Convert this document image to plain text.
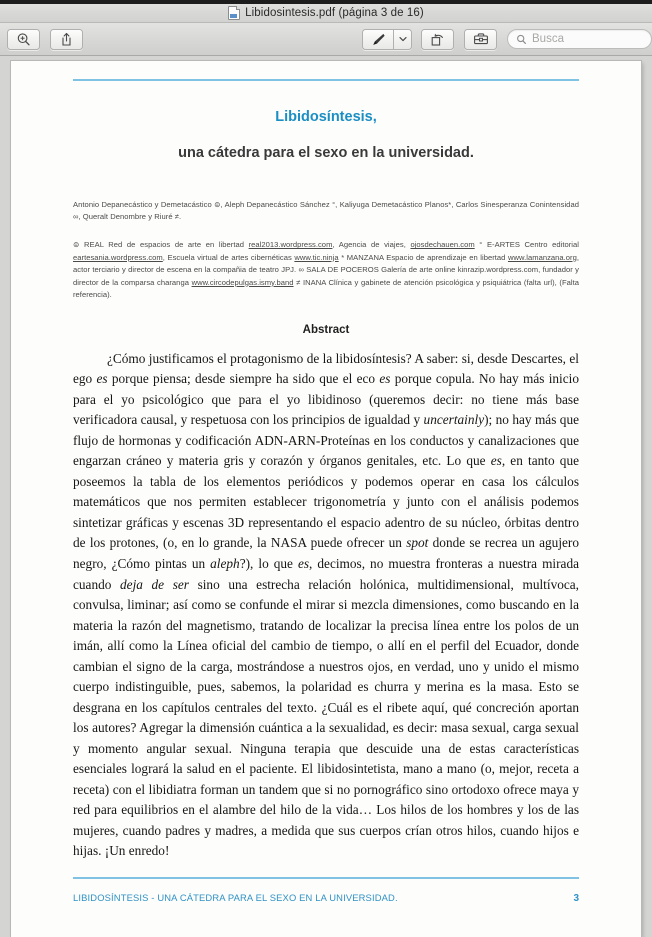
Libidosintesis.pdf (página 3 de 16)
Busca
Libidosíntesis,
una cátedra para el sexo en la universidad.

Antonio Depanecástico y Demetacástico ⊜, Aleph Depanecástico Sánchez °, Kaliyuga Demetacástico Planos*, Carlos Sinesperanza Conintensidad ∞, Queralt Denombre y Riuré ≠.

⊜ REAL Red de espacios de arte en libertad real2013.wordpress.com, Agencia de viajes, ojosdechauen.com ° E-ARTES Centro editorial eartesania.wordpress.com, Escuela virtual de artes cibernéticas www.tic.ninja * MANZANA Espacio de aprendizaje en libertad www.lamanzana.org, actor terciario y director de escena en la compañia de teatro JPJ. ∞ SALA DE POCEROS Galería de arte online kinrazip.wordpress.com, fundador y director de la comparsa charanga www.circodepulgas.ismy.band ≠ INANA Clínica y gabinete de atención psicológica y psiquiátrica (falta url), (Falta referencia).

Abstract

¿Cómo justificamos el protagonismo de la libidosíntesis? A saber: si, desde Descartes, el ego es porque piensa; desde siempre ha sido que el eco es porque copula. No hay más inicio para el yo psicológico que para el yo libidinoso (queremos decir: no tiene más base verificadora causal, y respetuosa con los principios de igualdad y uncertainly); no hay más que flujo de hormonas y codificación ADN-ARN-Proteínas en los conductos y canalizaciones que engarzan cráneo y materia gris y corazón y órganos genitales, etc. Lo que es, en tanto que poseemos la tabla de los elementos periódicos y podemos operar en casa los cálculos matemáticos que nos permiten establecer trigonometría y junto con el análisis podemos sintetizar gráficas y escenas 3D representando el espacio adentro de su núcleo, órbitas dentro de los protones, (o, en lo grande, la NASA puede ofrecer un spot donde se recrea un agujero negro, ¿Cómo pintas un aleph?), lo que es, decimos, no muestra fronteras a nuestra mirada cuando deja de ser sino una estrecha relación holónica, multidimensional, multívoca, convulsa, liminar; así como se confunde el mirar si mezcla dimensiones, como buscando en la materia la razón del magnetismo, tratando de localizar la precisa línea entre los polos de un imán, allí como la Línea oficial del cambio de tiempo, o allí en el perfil del Ecuador, donde cambian el signo de la carga, mostrándose a nuestros ojos, en verdad, uno y unido el mismo cuerpo indistinguible, pues, sabemos, la polaridad es churra y merina es la masa. Esto se desgrana en los capítulos centrales del texto. ¿Cuál es el ribete aquí, qué concreción aportan los autores? Agregar la dimensión cuántica a la sexualidad, es decir: masa sexual, carga sexual y momento angular sexual. Ninguna terapia que descuide una de estas características esenciales logrará la salud en el paciente. El libidosintetista, mano a mano (o, mejor, receta a receta) con el libidiatra forman un tandem que si no pornográfico sino ortodoxo ofrece maya y red para equilibrios en el alambre del hilo de la vida… Los hilos de los hombres y los de las mujeres, cuando padres y madres, a medida que sus cuerpos crían otros hilos, cuando hijos e hijas. ¡Un enredo!

LIBIDOSÍNTESIS - UNA CÁTEDRA PARA EL SEXO EN LA UNIVERSIDAD.	3
